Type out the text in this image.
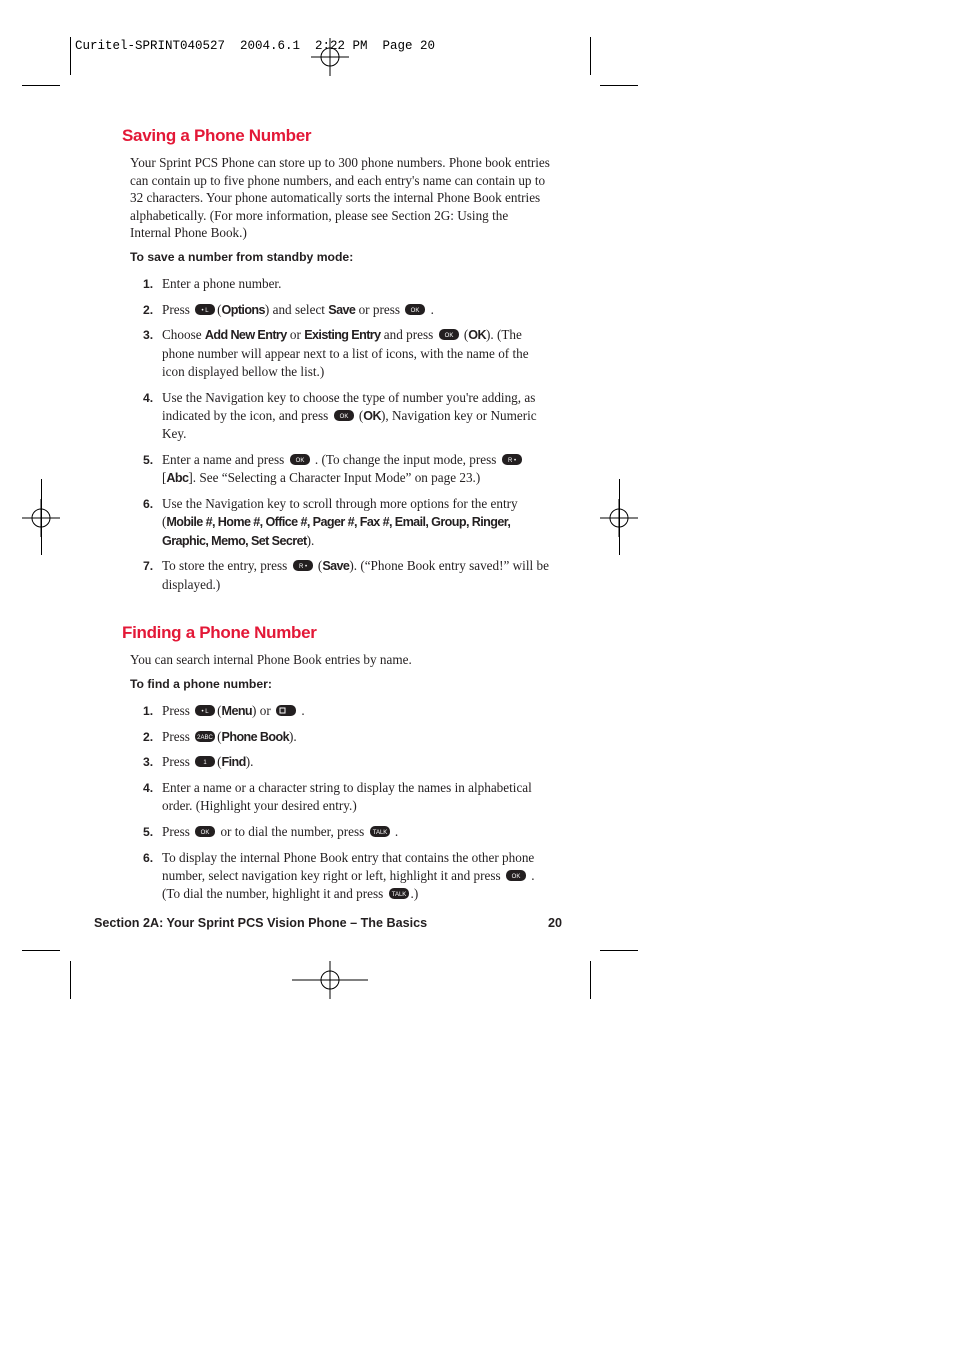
Curitel-SPRINT040527  2004.6.1  2:22 PM  Page 20
Saving a Phone Number

Your Sprint PCS Phone can store up to 300 phone numbers. Phone book entries can contain up to five phone numbers, and each entry's name can contain up to 32 characters. Your phone automatically sorts the internal Phone Book entries alphabetically. (For more information, please see Section 2G: Using the Internal Phone Book.)

To save a number from standby mode:

1. Enter a phone number.
2. Press • L (Options) and select Save or press OK .
3. Choose Add New Entry or Existing Entry and press OK (OK). (The phone number will appear next to a list of icons, with the name of the icon displayed bellow the list.)
4. Use the Navigation key to choose the type of number you're adding, as indicated by the icon, and press OK (OK), Navigation key or Numeric Key.
5. Enter a name and press OK . (To change the input mode, press R •
[Abc]. See “Selecting a Character Input Mode” on page 23.)
6. Use the Navigation key to scroll through more options for the entry (Mobile #, Home #, Office #, Pager #, Fax #, Email, Group, Ringer, Graphic, Memo, Set Secret).
7. To store the entry, press R • (Save). (“Phone Book entry saved!” will be displayed.)
Finding a Phone Number

You can search internal Phone Book entries by name.

To find a phone number:

1. Press • L (Menu) or .
2. Press 2ABC (Phone Book).
3. Press 1 (Find).
4. Enter a name or a character string to display the names in alphabetical order. (Highlight your desired entry.)
5. Press OK or to dial the number, press TALK .
6. To display the internal Phone Book entry that contains the other phone number, select navigation key right or left, highlight it and press OK . (To dial the number, highlight it and press TALK .)
Section 2A: Your Sprint PCS Vision Phone – The Basics	20
